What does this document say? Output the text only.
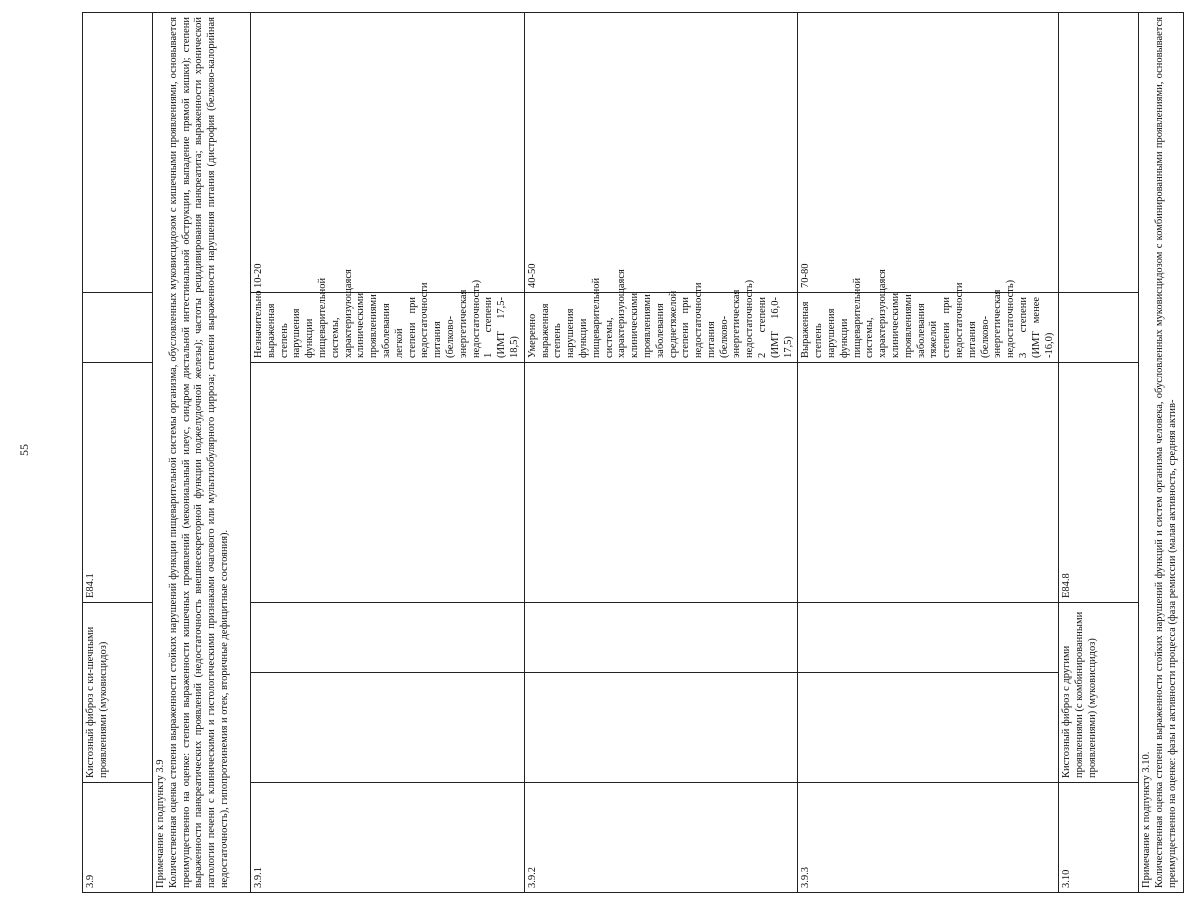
55
3.9	Кистозный фиброз с ки-шечными проявлениями (муковисцидоз)		E84.1		

Примечание к подпункту 3.9 Количественная оценка степени выраженности стойких нарушений функции пищеварительной системы организма, обусловленных муковисцидозом с кишечными проявлениями, основывается преимущественно на оценке: степени выраженности кишечных проявлений (мекониальный илеус, синдром дистальной интестинальной обструкции, выпадение прямой кишки); степени выраженности панкреатических проявлений (недостаточность внешнесекреторной функции поджелудочной железы); частоты рецидивирования панкреатита; выраженности хронической патологии печени с клиническими и гистологическими признаками очагового или мультилобулярного цирроза; степени выраженности нарушения питания (дистрофия (белково-калорийная недостаточность), гипопротеинемия и отек, вторичные дефицитные состояния).					

3.9.1				Незначительно выраженная степень нарушения функции пищеварительной системы, характеризующаяся клиническими проявлениями заболевания легкой степени при недостаточности питания (белково-энергетическая недостаточность) 1 степени (ИМТ 17,5-18,5)	10-20
3.9.2				Умеренно выраженная степень нарушения функции пищеварительной системы, характеризующаяся клиническими проявлениями заболевания среднетяжелой степени при недостаточности питания (белково-энергетическая недостаточность) 2 степени (ИМТ 16,0-17,5)	40-50
3.9.3				Выраженная степень нарушения функции пищеварительной системы, характеризующаяся клиническими проявлениями заболевания тяжелой степени при недостаточности питания (белково-энергетическая недостаточность) 3 степени (ИМТ менее -16,0)	70-80
3.10	Кистозный фиброз с другими проявлениями (с комбинированными проявлениями) (муковисцидоз)		E84.8		

Примечание к подпункту 3.10. Количественная оценка степени выраженности стойких нарушений функций и систем организма человека, обусловленных муковисцидозом с комбинированными проявлениями, основывается преимущественно на оценке: фазы и активности процесса (фаза ремиссии (малая активность, средняя актив-					
